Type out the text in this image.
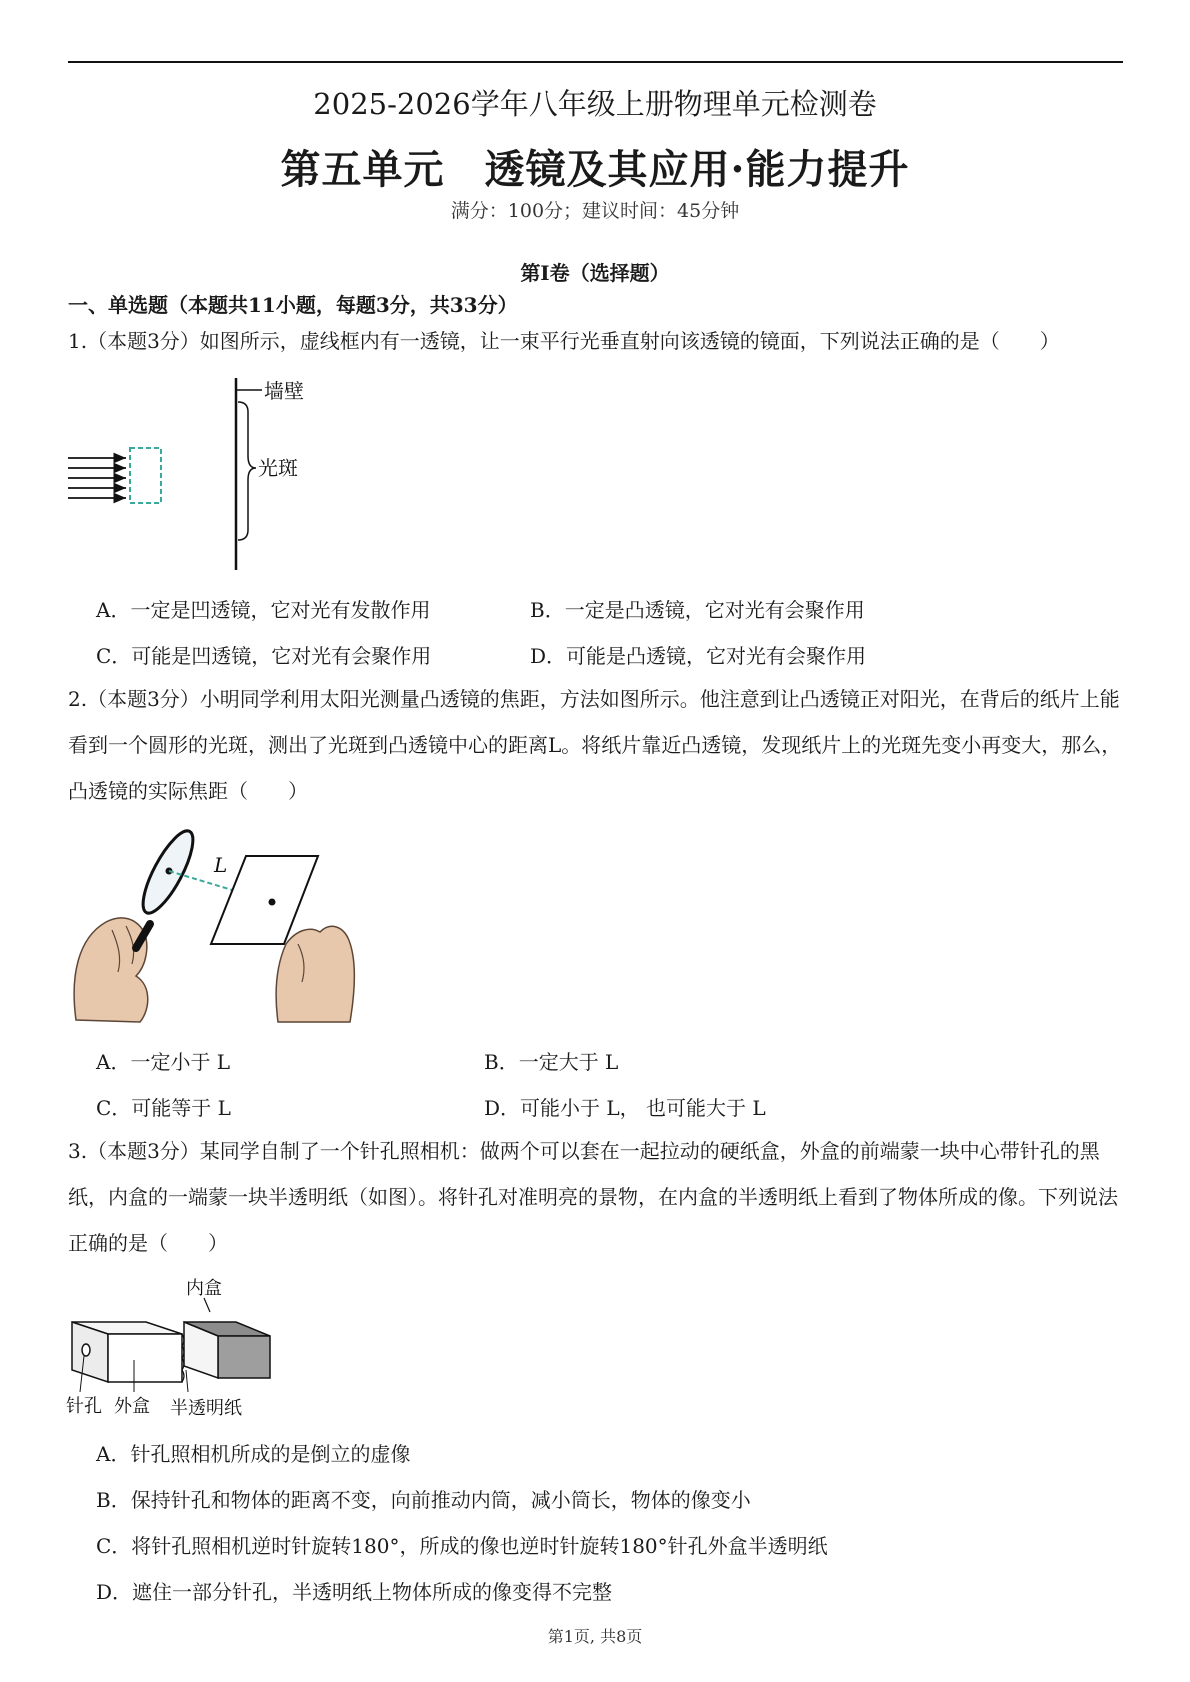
2025-2026学年八年级上册物理单元检测卷
第五单元 透镜及其应用·能力提升
满分：100分；建议时间：45分钟
第Ⅰ卷（选择题）
一、单选题（本题共11小题，每题3分，共33分）
1.（本题3分）如图所示，虚线框内有一透镜，让一束平行光垂直射向该透镜的镜面，下列说法正确的是（　　）
墙壁
光斑
A．一定是凹透镜，它对光有发散作用	B．一定是凸透镜，它对光有会聚作用
C．可能是凹透镜，它对光有会聚作用	D．可能是凸透镜，它对光有会聚作用
2.（本题3分）小明同学利用太阳光测量凸透镜的焦距，方法如图所示。他注意到让凸透镜正对阳光，在背后的纸片上能看到一个圆形的光斑，测出了光斑到凸透镜中心的距离L。将纸片靠近凸透镜，发现纸片上的光斑先变小再变大，那么，凸透镜的实际焦距（　　）
L
A．一定小于 L	B．一定大于 L
C．可能等于 L	D．可能小于 L， 也可能大于 L
3.（本题3分）某同学自制了一个针孔照相机：做两个可以套在一起拉动的硬纸盒，外盒的前端蒙一块中心带针孔的黑纸，内盒的一端蒙一块半透明纸（如图）。将针孔对准明亮的景物，在内盒的半透明纸上看到了物体所成的像。下列说法正确的是（　　）
内盒
针孔 外盒 半透明纸
A．针孔照相机所成的是倒立的虚像
B．保持针孔和物体的距离不变，向前推动内筒，减小筒长，物体的像变小
C．将针孔照相机逆时针旋转180°，所成的像也逆时针旋转180°针孔外盒半透明纸
D．遮住一部分针孔，半透明纸上物体所成的像变得不完整
第1页, 共8页
